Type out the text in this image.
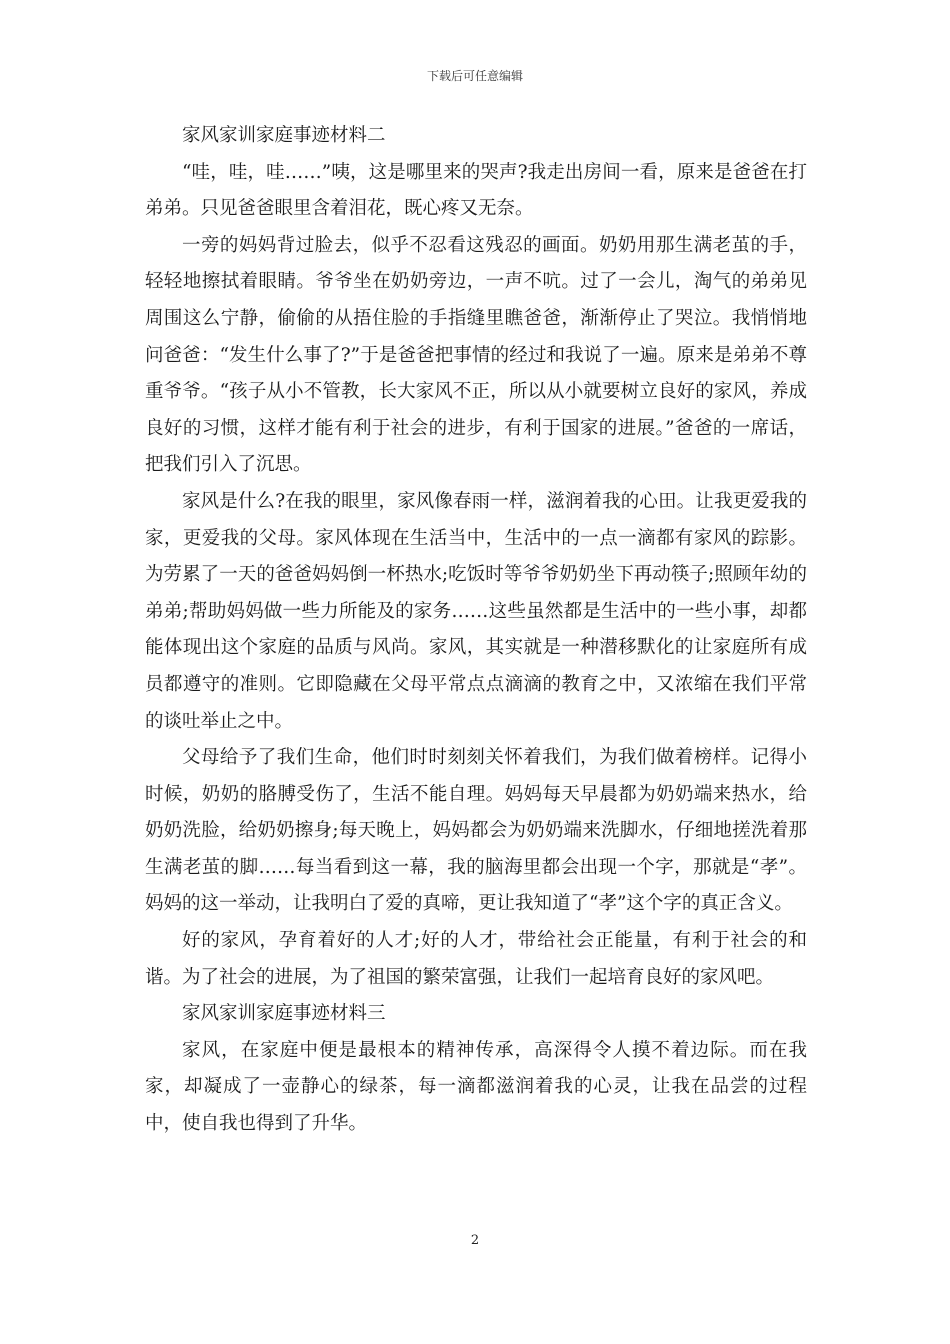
下载后可任意编辑

家风家训家庭事迹材料二

“哇，哇，哇……”咦，这是哪里来的哭声?我走出房间一看，原来是爸爸在打弟弟。只见爸爸眼里含着泪花，既心疼又无奈。

一旁的妈妈背过脸去，似乎不忍看这残忍的画面。奶奶用那生满老茧的手，轻轻地擦拭着眼睛。爷爷坐在奶奶旁边，一声不吭。过了一会儿，淘气的弟弟见周围这么宁静，偷偷的从捂住脸的手指缝里瞧爸爸，渐渐停止了哭泣。我悄悄地问爸爸：“发生什么事了?”于是爸爸把事情的经过和我说了一遍。原来是弟弟不尊重爷爷。“孩子从小不管教，长大家风不正，所以从小就要树立良好的家风，养成良好的习惯，这样才能有利于社会的进步，有利于国家的进展。”爸爸的一席话，把我们引入了沉思。

家风是什么?在我的眼里，家风像春雨一样，滋润着我的心田。让我更爱我的家，更爱我的父母。家风体现在生活当中，生活中的一点一滴都有家风的踪影。为劳累了一天的爸爸妈妈倒一杯热水;吃饭时等爷爷奶奶坐下再动筷子;照顾年幼的弟弟;帮助妈妈做一些力所能及的家务……这些虽然都是生活中的一些小事，却都能体现出这个家庭的品质与风尚。家风，其实就是一种潜移默化的让家庭所有成员都遵守的准则。它即隐藏在父母平常点点滴滴的教育之中，又浓缩在我们平常的谈吐举止之中。

父母给予了我们生命，他们时时刻刻关怀着我们，为我们做着榜样。记得小时候，奶奶的胳膊受伤了，生活不能自理。妈妈每天早晨都为奶奶端来热水，给奶奶洗脸，给奶奶擦身;每天晚上，妈妈都会为奶奶端来洗脚水，仔细地搓洗着那生满老茧的脚……每当看到这一幕，我的脑海里都会出现一个字，那就是“孝”。妈妈的这一举动，让我明白了爱的真啼，更让我知道了“孝”这个字的真正含义。

好的家风，孕育着好的人才;好的人才，带给社会正能量，有利于社会的和谐。为了社会的进展，为了祖国的繁荣富强，让我们一起培育良好的家风吧。

家风家训家庭事迹材料三

家风，在家庭中便是最根本的精神传承，高深得令人摸不着边际。而在我家，却凝成了一壶静心的绿茶，每一滴都滋润着我的心灵，让我在品尝的过程中，使自我也得到了升华。

2
